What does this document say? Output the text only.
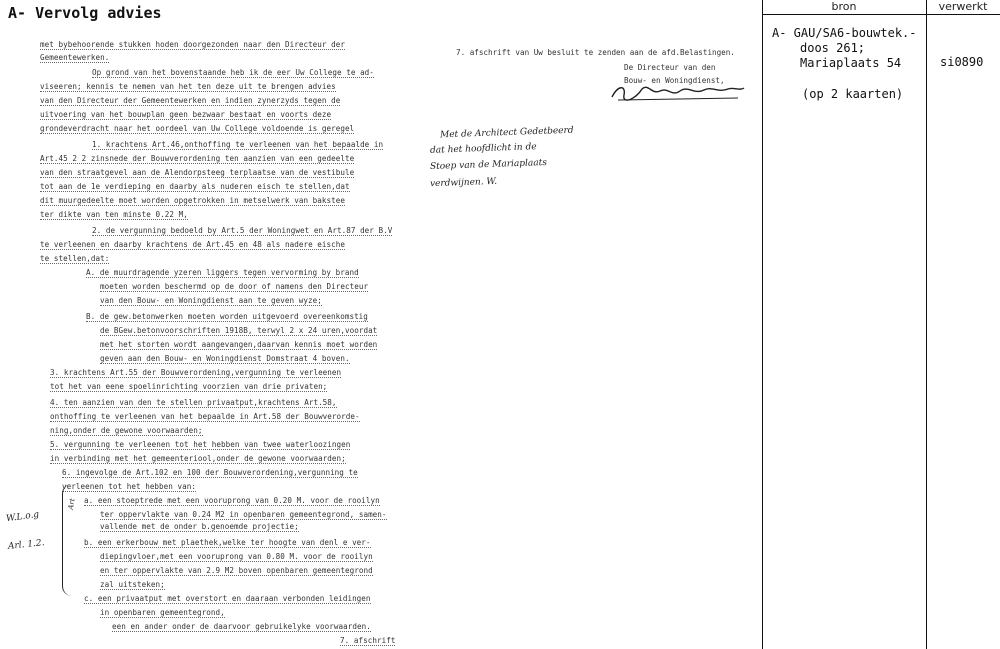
A- Vervolg advies
met bybehoorende stukken hoden doorgezonden naar den Directeur der
Gemeentewerken.
Op grond van het bovenstaande heb ik de eer Uw College te ad-
viseeren; kennis te nemen van het ten deze uit te brengen advies
van den Directeur der Gemeentewerken en indien zynerzyds tegen de
uitvoering van het bouwplan geen bezwaar bestaat en voorts deze
grondeverdracht naar het oordeel van Uw College voldoende is geregel
1. krachtens Art.46,onthoffing te verleenen van het bepaalde in
Art.45 2 2 zinsnede der Bouwverordening ten aanzien van een gedeelte
van den straatgevel aan de Alendorpsteeg terplaatse van de vestibule
tot aan de 1e verdieping en daarby als nuderen eisch te stellen,dat
dit muurgedeelte moet worden opgetrokken in metselwerk van bakstee
ter dikte van ten minste 0.22 M,
2. de vergunning bedoeld by Art.5 der Woningwet en Art.87 der B.V
te verleenen en daarby krachtens de Art.45 en 48 als nadere eische
te stellen,dat:
A. de muurdragende yzeren liggers tegen vervorming by brand
moeten worden beschermd op de door of namens den Directeur
van den Bouw- en Woningdienst aan te geven wyze;
B. de gew.betonwerken moeten worden uitgevoerd overeenkomstig
de BGew.betonvoorschriften 1918B, terwyl 2 x 24 uren,voordat
met het storten wordt aangevangen,daarvan kennis moet worden
geven aan den Bouw- en Woningdienst Domstraat 4 boven.
3. krachtens Art.55 der Bouwverordening,vergunning te verleenen
tot het van eene spoelinrichting voorzien van drie privaten;
4. ten aanzien van den te stellen privaatput,krachtens Art.58,
onthoffing te verleenen van het bepaalde in Art.58 der Bouwverorde-
ning,onder de gewone voorwaarden;
5. vergunning te verleenen tot het hebben van twee waterloozingen
in verbinding met het gemeenteriool,onder de gewone voorwaarden;
6. ingevolge de Art.102 en 100 der Bouwverordening,vergunning te
verleenen tot het hebben van:
a. een stoeptrede met een vooruprong van 0.20 M. voor de rooilyn
ter oppervlakte van 0.24 M2 in openbaren gemeentegrond, samen-
vallende met de onder b.genoemde projectie;
b. een erkerbouw met plaethek,welke ter hoogte van denl e ver-
diepingvloer,met een vooruprong van 0.80 M. voor de rooilyn
en ter oppervlakte van 2.9 M2 boven openbaren gemeentegrond
zal uitsteken;
c. een privaatput met overstort en daaraan verbonden leidingen
in openbaren gemeentegrond,
een en ander onder de daarvoor gebruikelyke voorwaarden.
7. afschrift
W.L.o.g
Arl. 1.2.
Art
7. afschrift van Uw besluit te zenden aan de afd.Belastingen.
De Directeur van den
Bouw- en Woningdienst,
Met de Architect Gedetbeerd
dat het hoofdlicht in de
Stoep van de Mariaplaats
verdwijnen. W.
bron	verwerkt
A- GAU/SA6-bouwtek.-
doos 261;
Mariaplaats 54
(op 2 kaarten)
si0890
